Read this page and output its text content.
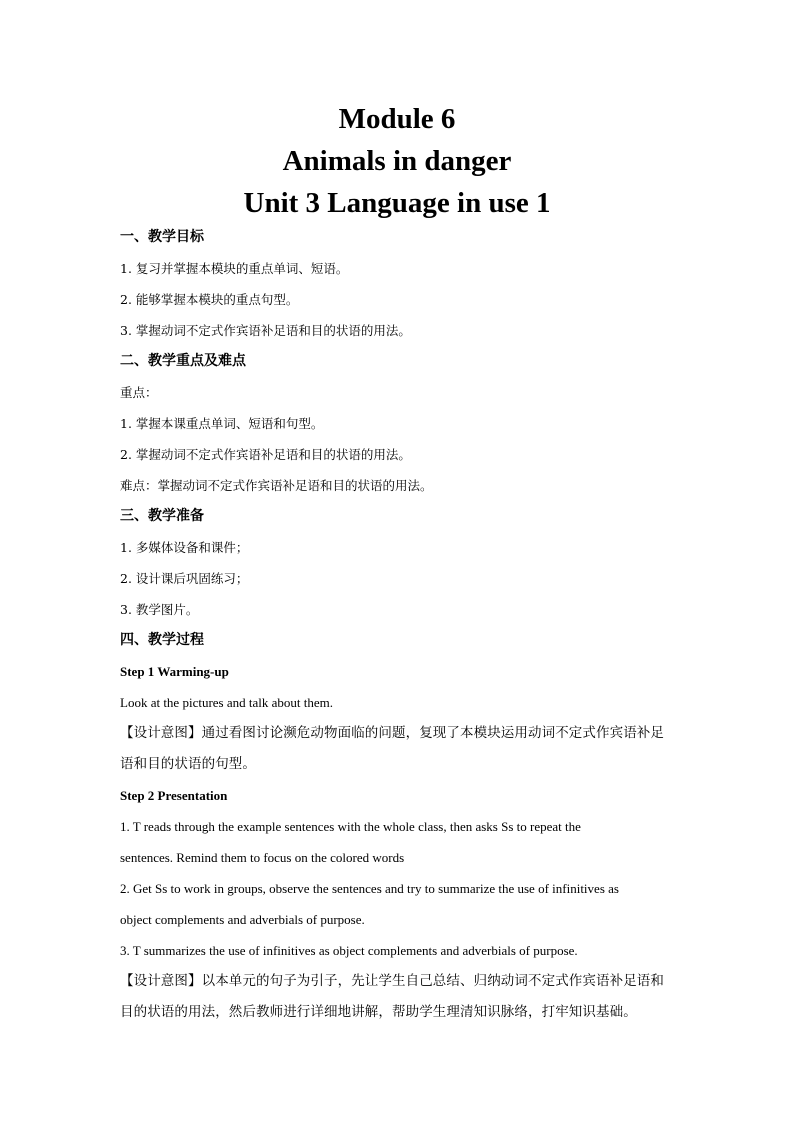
Module 6
Animals in danger
Unit 3 Language in use 1
一、教学目标
1. 复习并掌握本模块的重点单词、短语。
2. 能够掌握本模块的重点句型。
3. 掌握动词不定式作宾语补足语和目的状语的用法。
二、教学重点及难点
重点：
1. 掌握本课重点单词、短语和句型。
2. 掌握动词不定式作宾语补足语和目的状语的用法。
难点：掌握动词不定式作宾语补足语和目的状语的用法。
三、教学准备
1. 多媒体设备和课件；
2. 设计课后巩固练习；
3. 教学图片。
四、教学过程
Step 1 Warming-up
Look at the pictures and talk about them.
【设计意图】通过看图讨论濒危动物面临的问题，复现了本模块运用动词不定式作宾语补足
语和目的状语的句型。
Step 2 Presentation
1. T reads through the example sentences with the whole class, then asks Ss to repeat the
sentences. Remind them to focus on the colored words
2. Get Ss to work in groups, observe the sentences and try to summarize the use of infinitives as
object complements and adverbials of purpose.
3. T summarizes the use of infinitives as object complements and adverbials of purpose.
【设计意图】以本单元的句子为引子，先让学生自己总结、归纳动词不定式作宾语补足语和
目的状语的用法，然后教师进行详细地讲解，帮助学生理清知识脉络，打牢知识基础。
